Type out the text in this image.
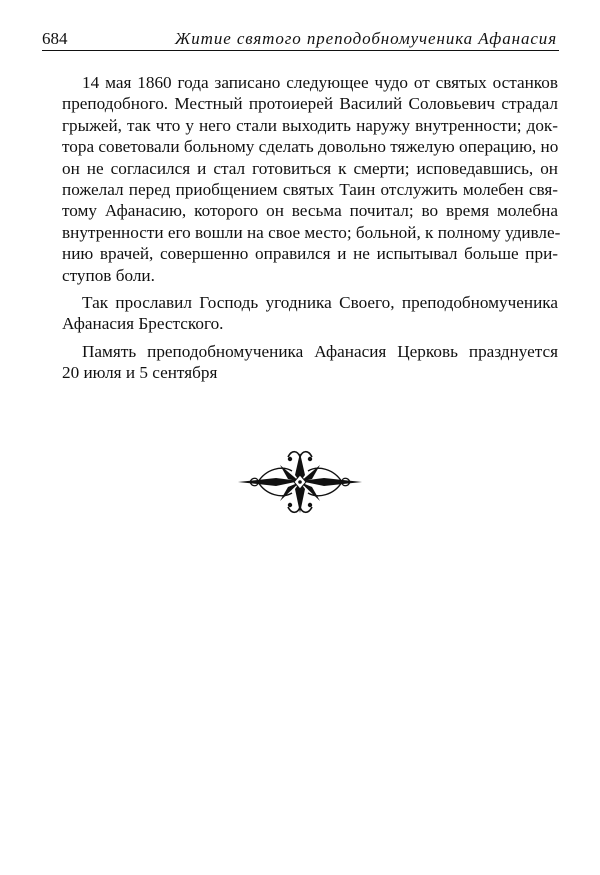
684	Житие святого преподобномученика Афанасия

14 мая 1860 года записано следующее чудо от святых останков
преподобного. Местный протоиерей Василий Соловьевич страдал
грыжей, так что у него стали выходить наружу внутренности; док-
тора советовали больному сделать довольно тяжелую операцию, но
он не согласился и стал готовиться к смерти; исповедавшись, он
пожелал перед приобщением святых Таин отслужить молебен свя-
тому Афанасию, которого он весьма почитал; во время молебна
внутренности его вошли на свое место; больной, к полному удивле-
нию врачей, совершенно оправился и не испытывал больше при-
ступов боли.

Так прославил Господь угодника Своего, преподобномученика
Афанасия Брестского.

Память преподобномученика Афанасия Церковь празднуется
20 июля и 5 сентября
